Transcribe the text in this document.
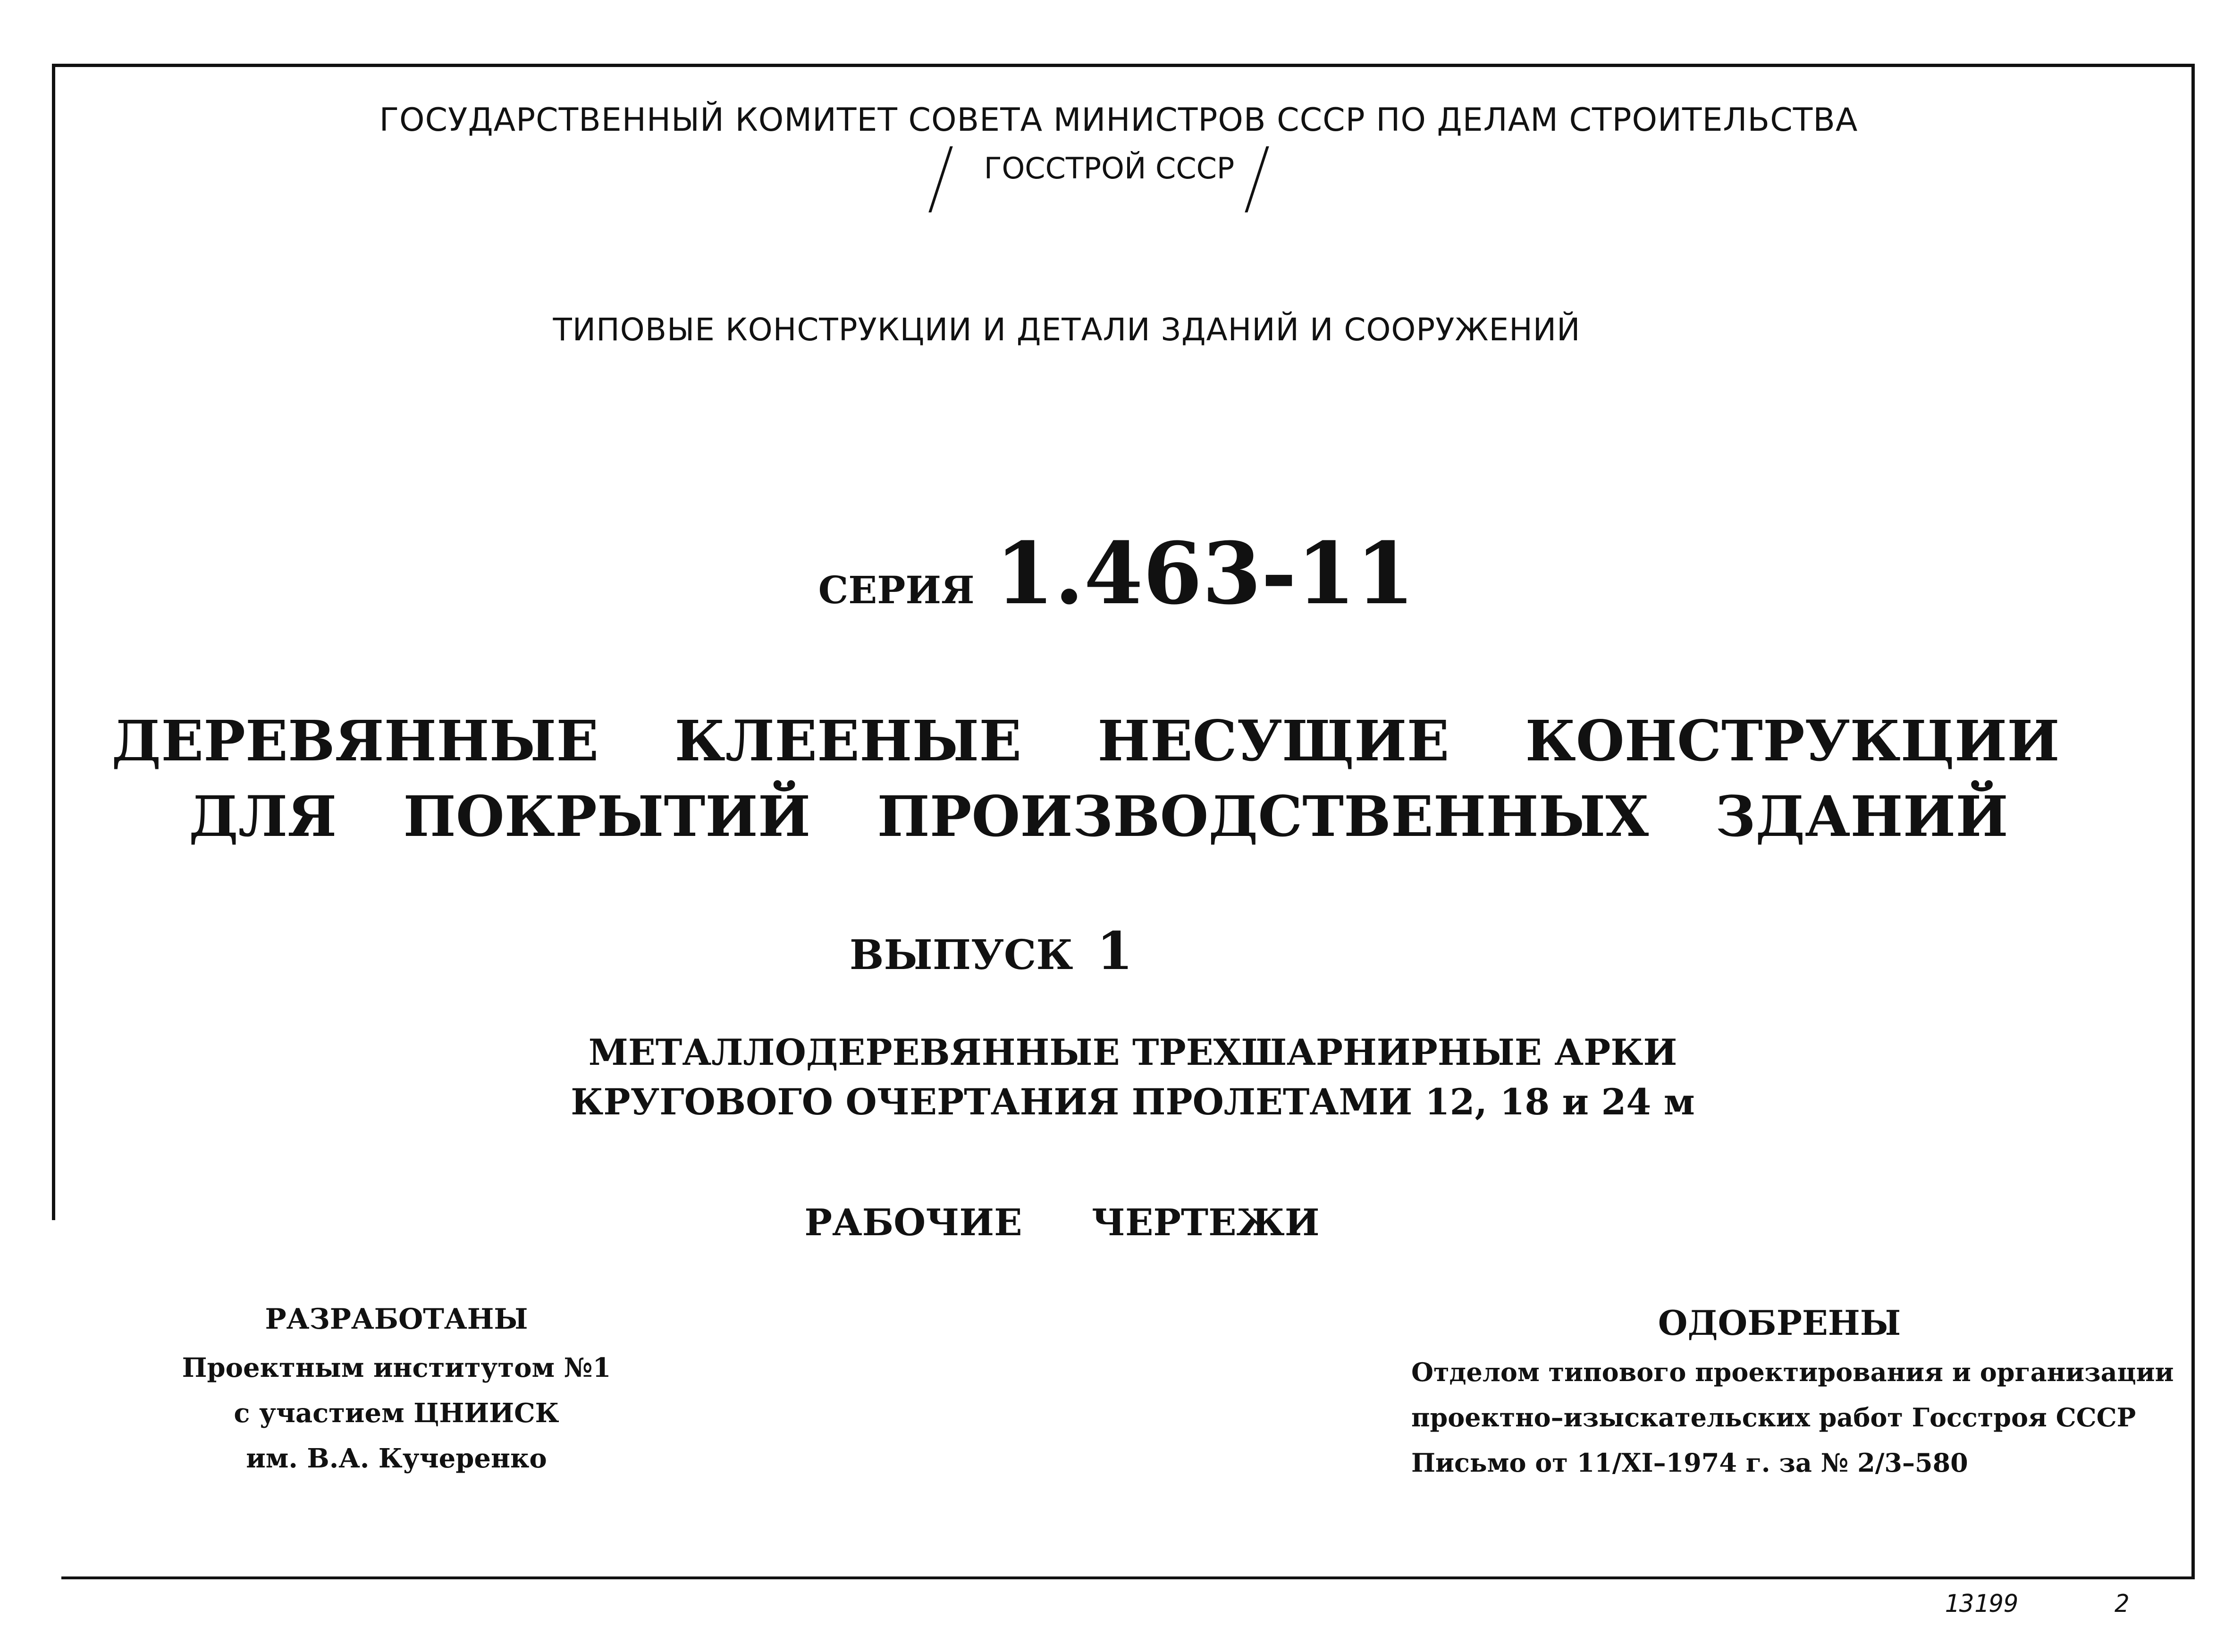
ГОСУДАРСТВЕННЫЙ КОМИТЕТ СОВЕТА МИНИСТРОВ СССР ПО ДЕЛАМ СТРОИТЕЛЬСТВА
ГОССТРОЙ СССР
ТИПОВЫЕ КОНСТРУКЦИИ И ДЕТАЛИ ЗДАНИЙ И СООРУЖЕНИЙ
СЕРИЯ 1.463-11
ДЕРЕВЯННЫЕ КЛЕЕНЫЕ НЕСУЩИЕ КОНСТРУКЦИИ
ДЛЯ ПОКРЫТИЙ ПРОИЗВОДСТВЕННЫХ ЗДАНИЙ
ВЫПУСК 1
МЕТАЛЛОДЕРЕВЯННЫЕ ТРЕХШАРНИРНЫЕ АРКИ
КРУГОВОГО ОЧЕРТАНИЯ ПРОЛЕТАМИ 12, 18 и 24 м
РАБОЧИЕ ЧЕРТЕЖИ
РАЗРАБОТАНЫ
Проектным институтом №1
с участием ЦНИИСК
им. В.А. Кучеренко
ОДОБРЕНЫ
Отделом типового проектирования и организации
проектно–изыскательских работ Госстроя СССР
Письмо от 11/XI–1974 г. за № 2/3–580
13199	2
